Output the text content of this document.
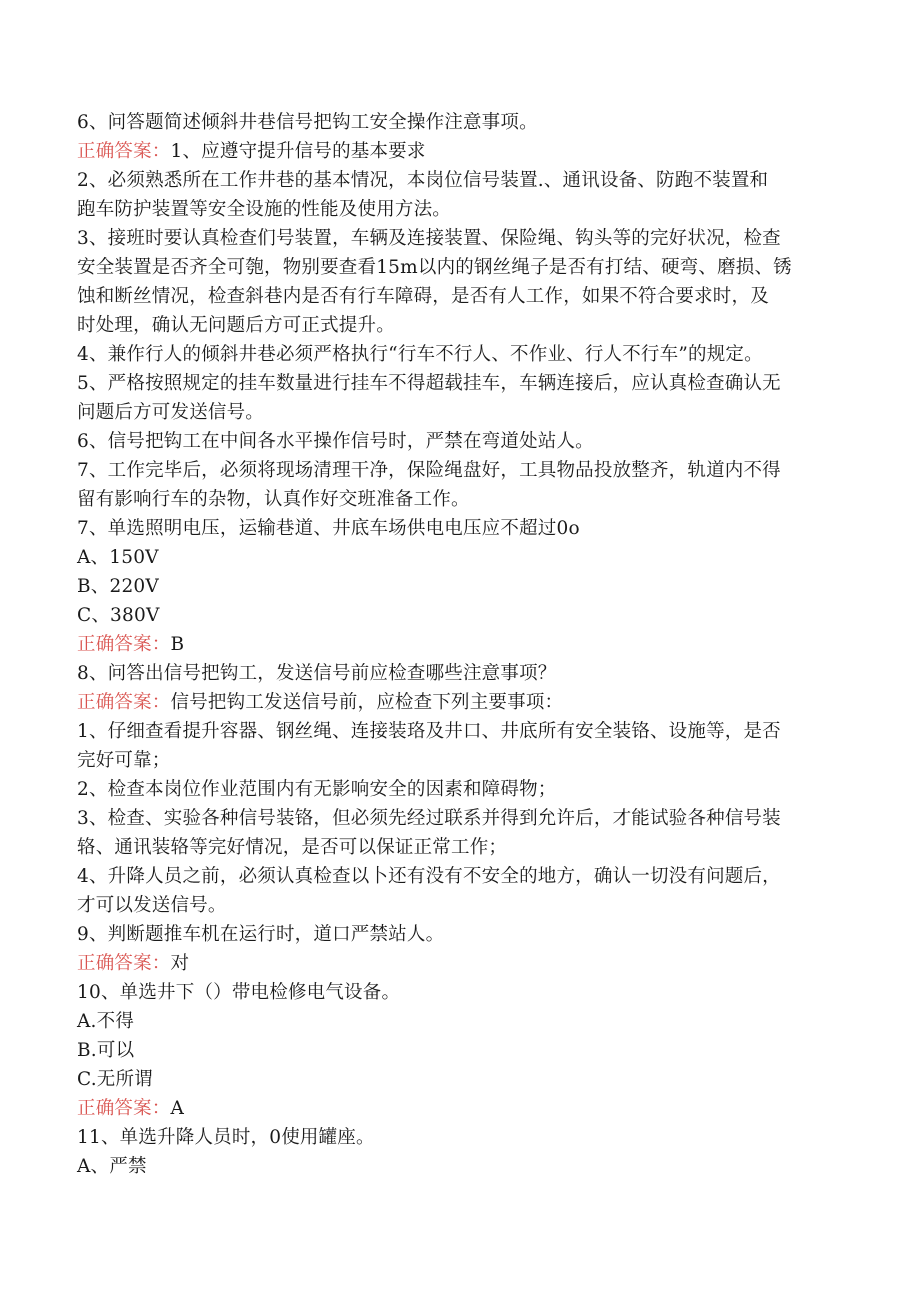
6、问答题简述倾斜井巷信号把钩工安全操作注意事项。
正确答案：1、应遵守提升信号的基本要求
2、必须熟悉所在工作井巷的基本情况，本岗位信号装置.、通讯设备、防跑不装置和
跑车防护装置等安全设施的性能及使用方法。
3、接班时要认真检查们号装置，车辆及连接装置、保险绳、钩头等的完好状况，检查
安全装置是否齐全可匏，物别要查看15m以内的钢丝绳子是否有打结、硬弯、磨损、锈
蚀和断丝情况，检查斜巷内是否有行车障碍，是否有人工作，如果不符合要求时，及
时处理，确认无问题后方可正式提升。
4、兼作行人的倾斜井巷必须严格执行“行车不行人、不作业、行人不行车”的规定。
5、严格按照规定的挂车数量进行挂车不得超载挂车，车辆连接后，应认真检查确认无
问题后方可发送信号。
6、信号把钩工在中间各水平操作信号时，严禁在弯道处站人。
7、工作完毕后，必须将现场清理干净，保险绳盘好，工具物品投放整齐，轨道内不得
留有影响行车的杂物，认真作好交班准备工作。
7、单选照明电压，运输巷道、井底车场供电电压应不超过0o
A、150V
B、220V
C、380V
正确答案：B
8、问答出信号把钩工，发送信号前应检查哪些注意事项？
正确答案：信号把钩工发送信号前，应检查下列主要事项：
1、仔细查看提升容器、钢丝绳、连接装珞及井口、井底所有安全装铬、设施等，是否
完好可靠；
2、检查本岗位作业范围内有无影响安全的因素和障碍物；
3、检查、实验各种信号装铬，但必须先经过联系并得到允许后，才能试验各种信号装
辂、通讯装辂等完好情况，是否可以保证正常工作；
4、升降人员之前，必须认真检查以卜还有没有不安全的地方，确认一切没有问题后，
才可以发送信号。
9、判断题推车机在运行时，道口严禁站人。
正确答案：对
10、单选井下（）带电检修电气设备。
A.不得
B.可以
C.无所谓
正确答案：A
11、单选升降人员时，0使用罐座。
A、严禁
